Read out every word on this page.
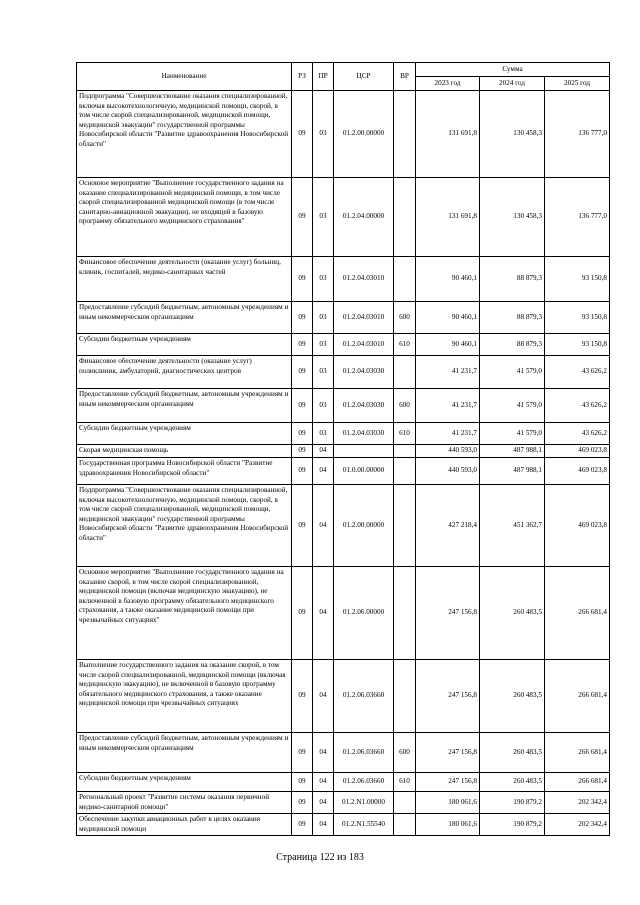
Наименование	РЗ	ПР	ЦСР	ВР	Сумма		
					2023 год	2024 год	2025 год
Подпрограмма "Совершенствование оказания специализированной, включая высокотехнологичную, медицинской помощи, скорой, в том числе скорой специализированной, медицинской помощи, медицинской эвакуации" государственной программы Новосибирской области "Развитие здравоохранения Новосибирской области"	09	03	01.2.00.00000		131 691,8	130 458,3	136 777,0
Основное мероприятие "Выполнение государственного задания на оказание специализированной медицинской помощи, в том числе скорой специализированной медицинской помощи (в том числе санитарно-авиационной эвакуации), не входящей в базовую программу обязательного медицинского страхования"	09	03	01.2.04.00000		131 691,8	130 458,3	136 777,0
Финансовое обеспечение деятельности (оказание услуг) больниц, клиник, госпиталей, медико-санитарных частей	09	03	01.2.04.03010		90 460,1	88 879,3	93 150,8
Предоставление субсидий бюджетным, автономным учреждениям и иным некоммерческим организациям	09	03	01.2.04.03010	600	90 460,1	88 879,3	93 150,8
Субсидии бюджетным учреждениям	09	03	01.2.04.03010	610	90 460,1	88 879,3	93 150,8
Финансовое обеспечение деятельности (оказание услуг) поликлиник, амбулаторий, диагностических центров	09	03	01.2.04.03030		41 231,7	41 579,0	43 626,2
Предоставление субсидий бюджетным, автономным учреждениям и иным некоммерческим организациям	09	03	01.2.04.03030	600	41 231,7	41 579,0	43 626,2
Субсидии бюджетным учреждениям	09	03	01.2.04.03030	610	41 231,7	41 579,0	43 626,2
Скорая медицинская помощь	09	04			440 593,0	487 988,1	469 023,8
Государственная программа Новосибирской области "Развитие здравоохранения Новосибирской области"	09	04	01.0.00.00000		440 593,0	487 988,1	469 023,8
Подпрограмма "Совершенствование оказания специализированной, включая высокотехнологичную, медицинской помощи, скорой, в том числе скорой специализированной, медицинской помощи, медицинской эвакуации" государственной программы Новосибирской области "Развитие здравоохранения Новосибирской области"	09	04	01.2.00.00000		427 218,4	451 362,7	469 023,8
Основное мероприятие "Выполнение государственного задания на оказание скорой, в том числе скорой специализированной, медицинской помощи (включая медицинскую эвакуацию), не включенной в базовую программу обязательного медицинского страхования, а также оказание медицинской помощи при чрезвычайных ситуациях"	09	04	01.2.06.00000		247 156,8	260 483,5	266 681,4
Выполнение государственного задания на оказание скорой, в том числе скорой специализированной, медицинской помощи (включая медицинскую эвакуацию), не включенной в базовую программу обязательного медицинского страхования, а также оказание медицинской помощи при чрезвычайных ситуациях	09	04	01.2.06.03660		247 156,8	260 483,5	266 681,4
Предоставление субсидий бюджетным, автономным учреждениям и иным некоммерческим организациям	09	04	01.2.06.03660	600	247 156,8	260 483,5	266 681,4
Субсидии бюджетным учреждениям	09	04	01.2.06.03660	610	247 156,8	260 483,5	266 681,4
Региональный проект "Развитие системы оказания первичной медико-санитарной помощи"	09	04	01.2.N1.00000		180 061,6	190 879,2	202 342,4
Обеспечение закупки авиационных работ в целях оказания медицинской помощи	09	04	01.2.N1.55540		180 061,6	190 879,2	202 342,4
Страница 122 из 183
